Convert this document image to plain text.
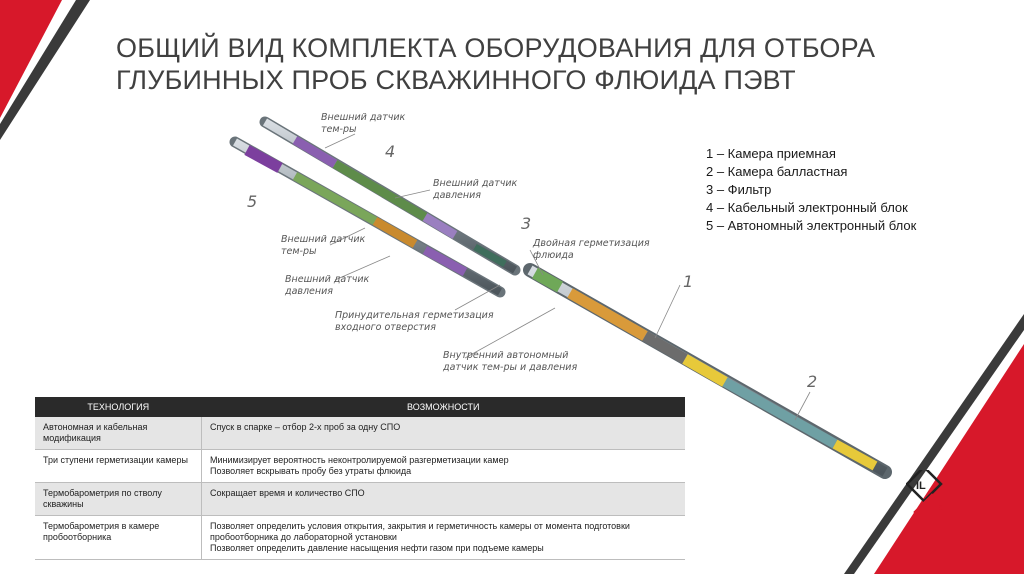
ОБЩИЙ ВИД КОМПЛЕКТА ОБОРУДОВАНИЯ ДЛЯ ОТБОРА
ГЛУБИННЫХ ПРОБ СКВАЖИННОГО ФЛЮИДА ПЭВТ
1 – Камера приемная
2 – Камера балластная
3 – Фильтр
4 – Кабельный электронный блок
5 – Автономный электронный блок
4
5
3
1
2
Внешний датчик
тем-ры
Внешний датчик
давления
Внешний датчик
тем-ры
Внешний датчик
давления
Двойная герметизация
флюида
Принудительная герметизация
входного отверстия
Внутренний автономный
датчик тем-ры и давления
ТЕХНОЛОГИЯ	ВОЗМОЖНОСТИ
Автономная и кабельная модификация	Спуск в спарке – отбор 2-х проб за одну СПО

Три ступени герметизации камеры	Минимизирует вероятность неконтролируемой разгерметизации камер
Позволяет вскрывать пробу без утраты флюида

Термобарометрия по стволу скважины	Сокращает время и количество СПО

Термобарометрия в камере пробоотборника	Позволяет определить условия открытия, закрытия и герметичность камеры от момента подготовки пробоотборника до лабораторной установки
Позволяет определить давление насыщения нефти газом при подъеме камеры
IL
is
